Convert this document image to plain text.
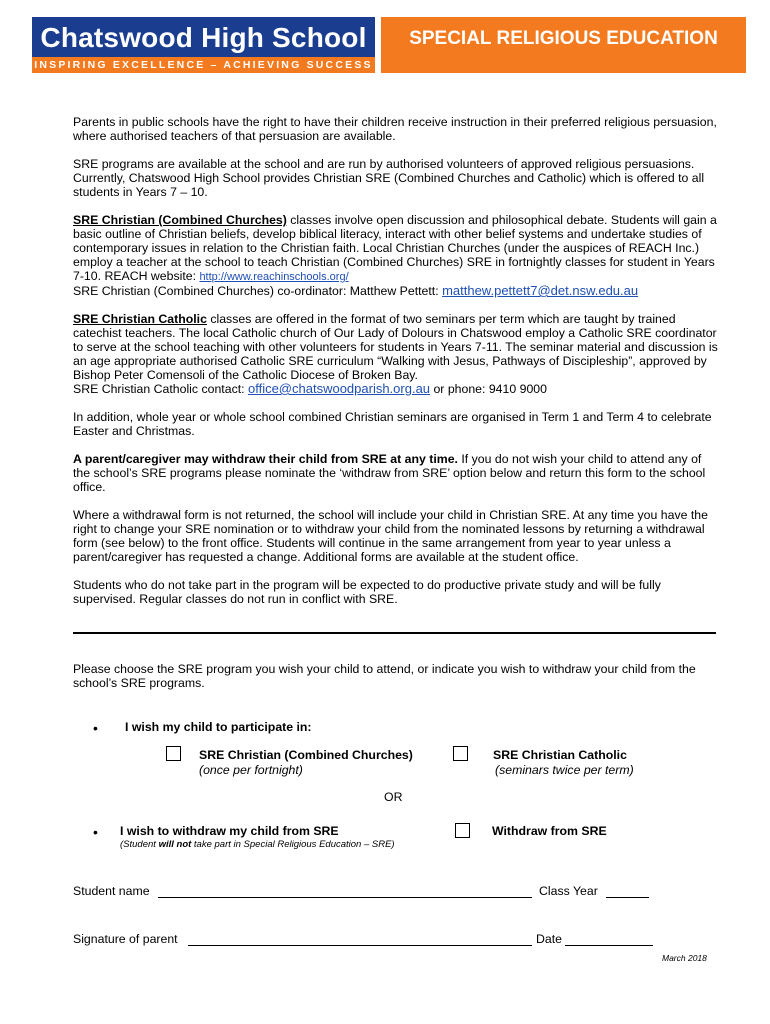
Chatswood High School
INSPIRING EXCELLENCE – ACHIEVING SUCCESS
SPECIAL RELIGIOUS EDUCATION

Parents in public schools have the right to have their children receive instruction in their preferred religious persuasion, where authorised teachers of that persuasion are available.

SRE programs are available at the school and are run by authorised volunteers of approved religious persuasions. Currently, Chatswood High School provides Christian SRE (Combined Churches and Catholic) which is offered to all students in Years 7 – 10.

SRE Christian (Combined Churches) classes involve open discussion and philosophical debate. Students will gain a basic outline of Christian beliefs, develop biblical literacy, interact with other belief systems and undertake studies of contemporary issues in relation to the Christian faith. Local Christian Churches (under the auspices of REACH Inc.) employ a teacher at the school to teach Christian (Combined Churches) SRE in fortnightly classes for student in Years 7-10. REACH website: http://www.reachinschools.org/
SRE Christian (Combined Churches) co-ordinator: Matthew Pettett: matthew.pettett7@det.nsw.edu.au

SRE Christian Catholic classes are offered in the format of two seminars per term which are taught by trained catechist teachers. The local Catholic church of Our Lady of Dolours in Chatswood employ a Catholic SRE coordinator to serve at the school teaching with other volunteers for students in Years 7-11. The seminar material and discussion is an age appropriate authorised Catholic SRE curriculum “Walking with Jesus, Pathways of Discipleship”, approved by Bishop Peter Comensoli of the Catholic Diocese of Broken Bay.
SRE Christian Catholic contact: office@chatswoodparish.org.au or phone: 9410 9000

In addition, whole year or whole school combined Christian seminars are organised in Term 1 and Term 4 to celebrate Easter and Christmas.

A parent/caregiver may withdraw their child from SRE at any time. If you do not wish your child to attend any of the school’s SRE programs please nominate the ‘withdraw from SRE’ option below and return this form to the school office.

Where a withdrawal form is not returned, the school will include your child in Christian SRE. At any time you have the right to change your SRE nomination or to withdraw your child from the nominated lessons by returning a withdrawal form (see below) to the front office. Students will continue in the same arrangement from year to year unless a parent/caregiver has requested a change. Additional forms are available at the student office.

Students who do not take part in the program will be expected to do productive private study and will be fully supervised. Regular classes do not run in conflict with SRE.

Please choose the SRE program you wish your child to attend, or indicate you wish to withdraw your child from the school’s SRE programs.
• I wish my child to participate in:
SRE Christian (Combined Churches)
(once per fortnight)
SRE Christian Catholic
(seminars twice per term)
OR
• I wish to withdraw my child from SRE
(Student will not take part in Special Religious Education – SRE)
Withdraw from SRE
Student name	Class Year
Signature of parent	Date
March 2018
